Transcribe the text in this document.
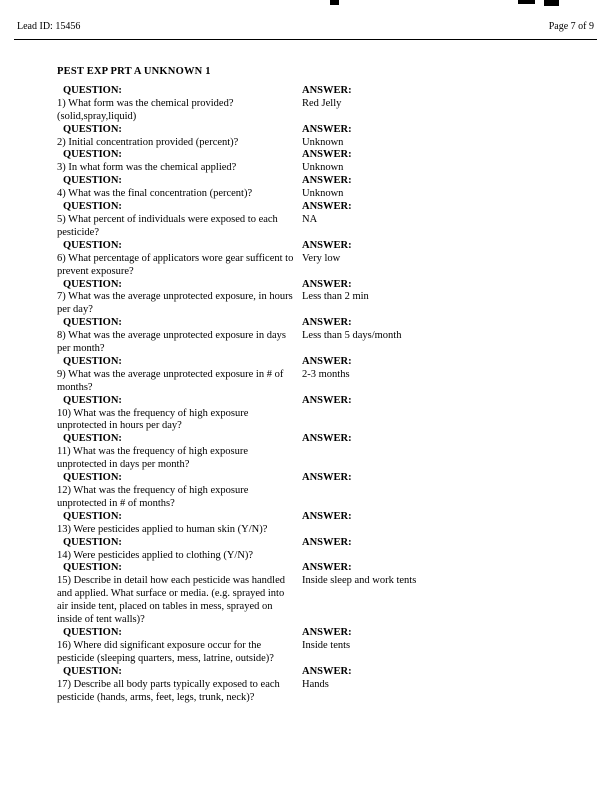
Lead ID: 15456	Page 7 of 9
PEST EXP PRT A UNKNOWN 1
QUESTION:
1) What form was the chemical provided?(solid,spray,liquid)
ANSWER:
Red Jelly
QUESTION:
2) Initial concentration provided (percent)?
ANSWER:
Unknown
QUESTION:
3) In what form was the chemical applied?
ANSWER:
Unknown
QUESTION:
4) What was the final concentration (percent)?
ANSWER:
Unknown
QUESTION:
5) What percent of individuals were exposed to each pesticide?
ANSWER:
NA
QUESTION:
6) What percentage of applicators wore gear sufficent to prevent exposure?
ANSWER:
Very low
QUESTION:
7) What was the average unprotected exposure, in hours per day?
ANSWER:
Less than 2 min
QUESTION:
8) What was the average unprotected exposure in days per month?
ANSWER:
Less than 5 days/month
QUESTION:
9) What was the average unprotected exposure in # of months?
ANSWER:
2-3 months
QUESTION:
10) What was the frequency of high exposure unprotected in hours per day?
ANSWER:
QUESTION:
11) What was the frequency of high exposure unprotected in days per month?
ANSWER:
QUESTION:
12) What was the frequency of high exposure unprotected in # of months?
ANSWER:
QUESTION:
13) Were pesticides applied to human skin (Y/N)?
ANSWER:
QUESTION:
14) Were pesticides applied to clothing (Y/N)?
ANSWER:
QUESTION:
15) Describe in detail how each pesticide was handled and applied. What surface or media. (e.g. sprayed into air inside tent, placed on tables in mess, sprayed on inside of tent walls)?
ANSWER:
Inside sleep and work tents
QUESTION:
16) Where did significant exposure occur for the pesticide (sleeping quarters, mess, latrine, outside)?
ANSWER:
Inside tents
QUESTION:
17) Describe all body parts typically exposed to each pesticide (hands, arms, feet, legs, trunk, neck)?
ANSWER:
Hands
